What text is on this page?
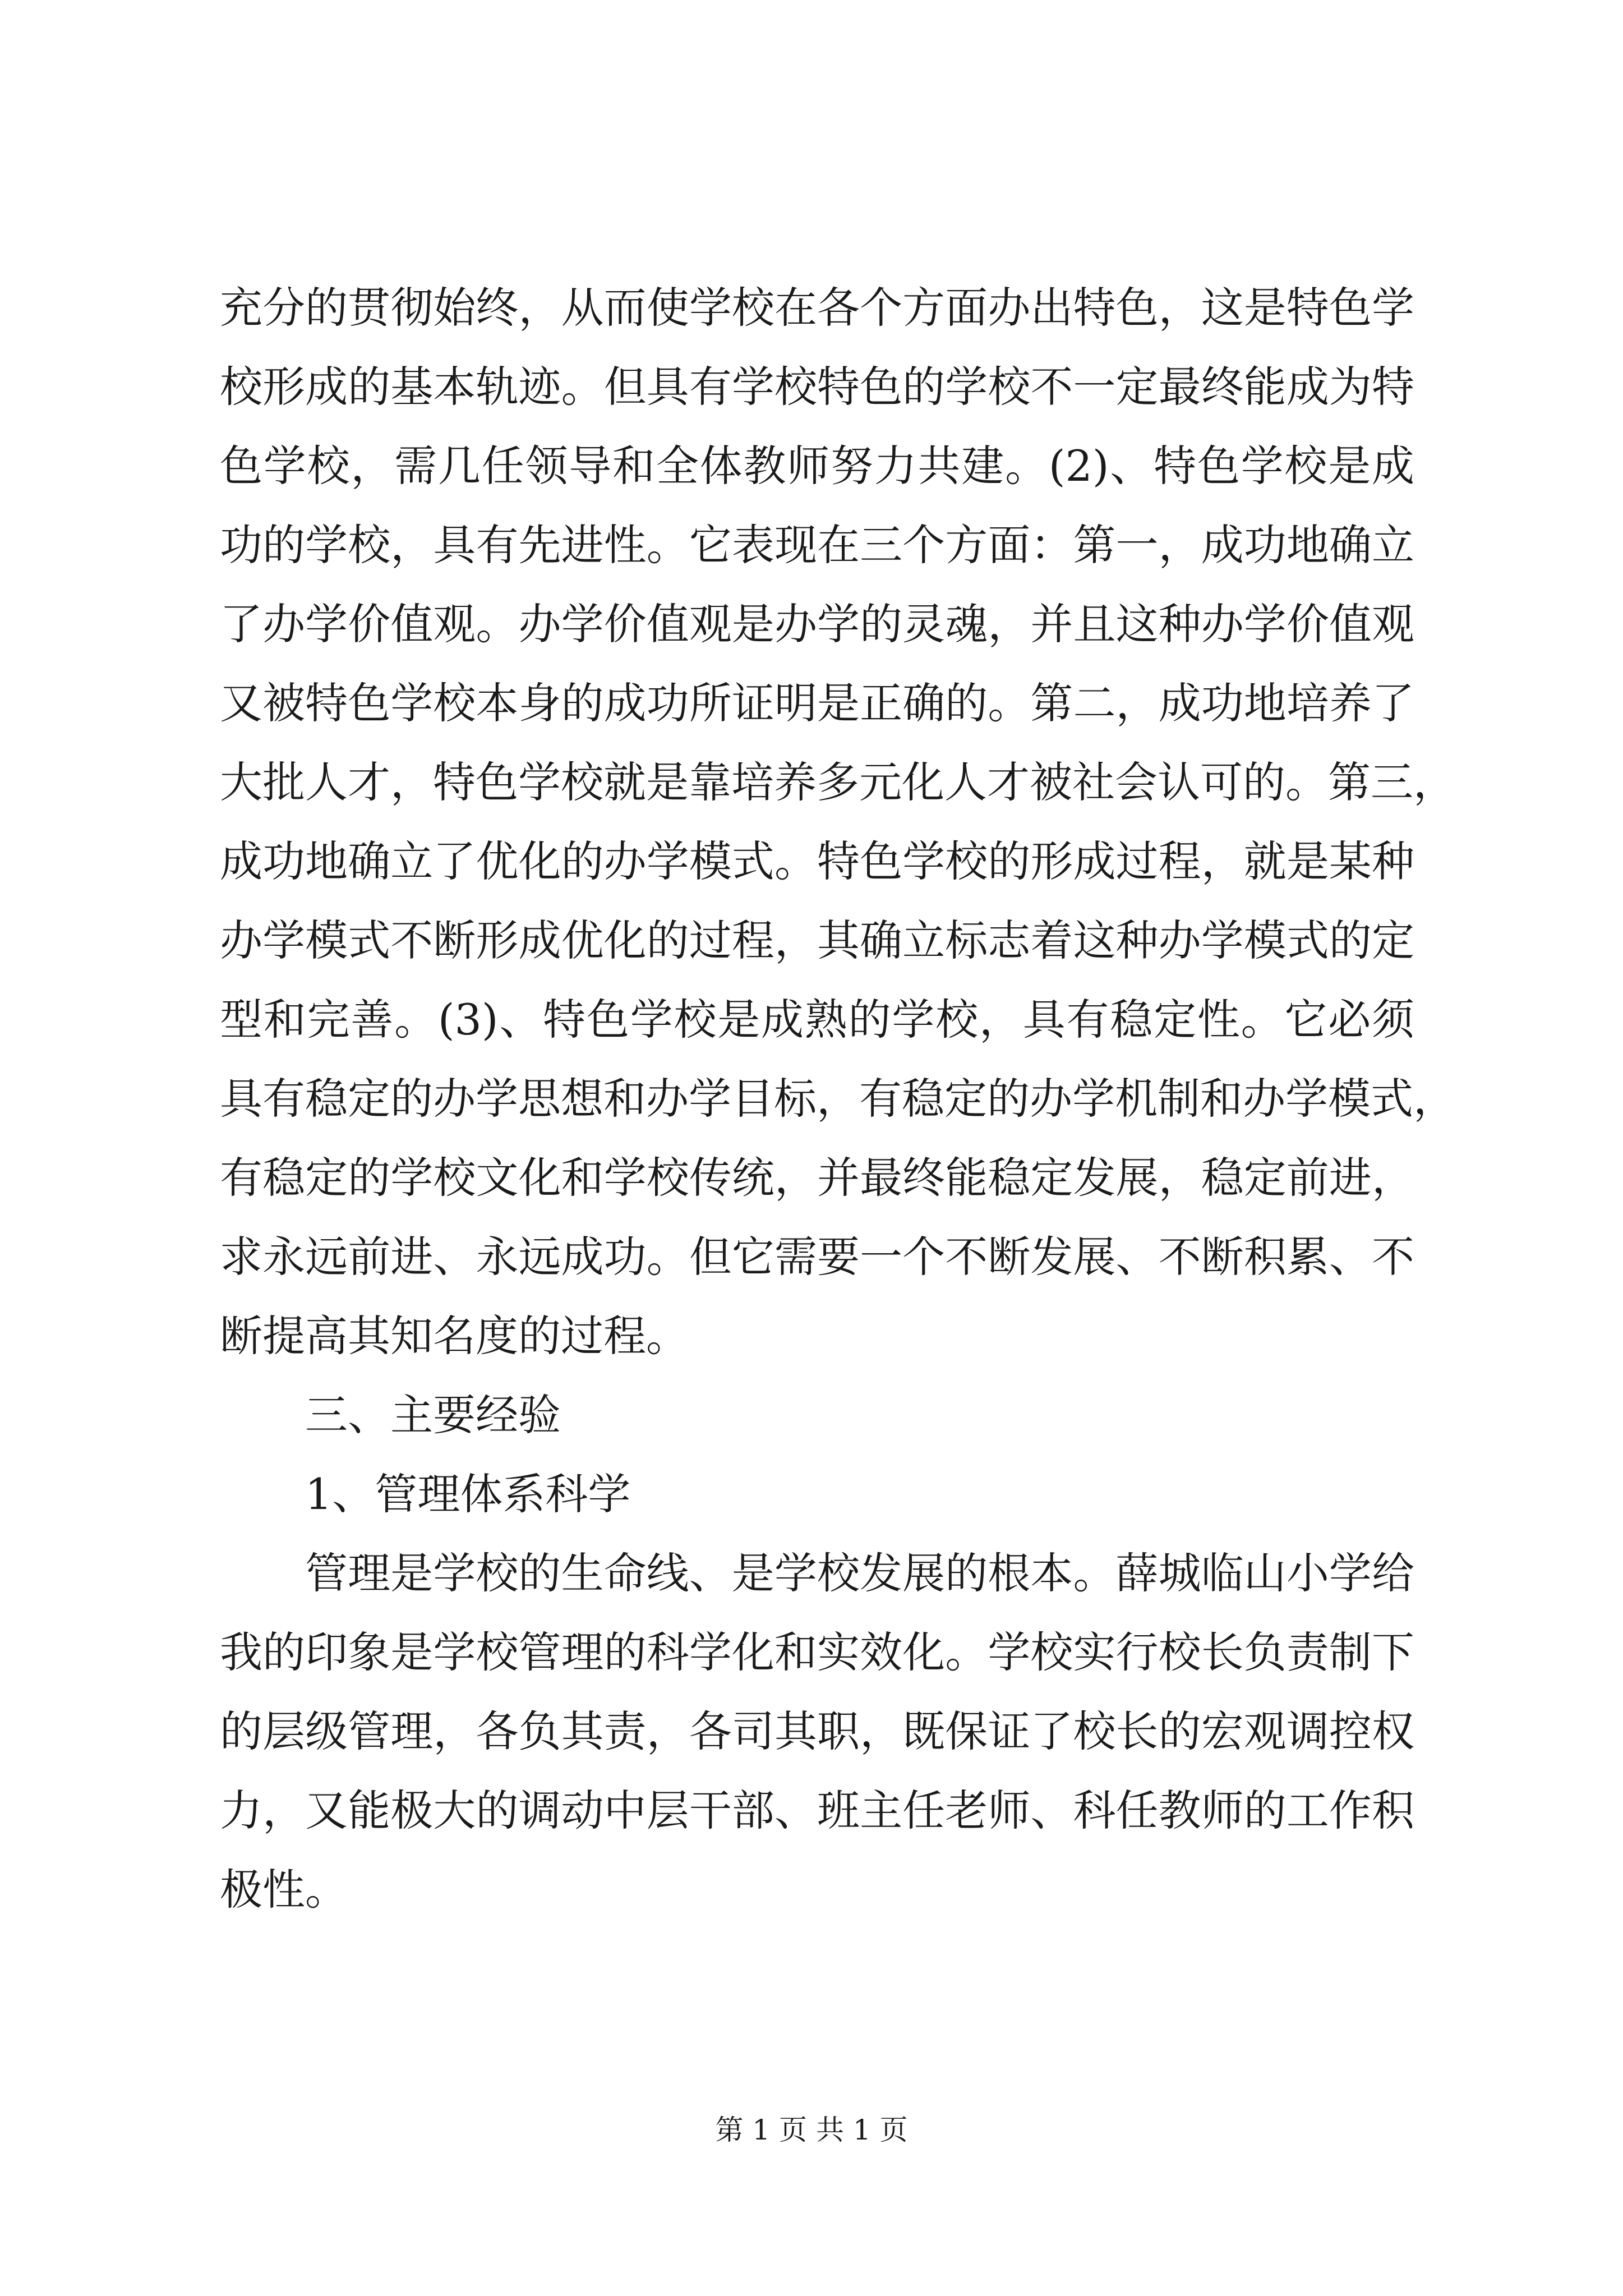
充分的贯彻始终，从而使学校在各个方面办出特色，这是特色学
校形成的基本轨迹。但具有学校特色的学校不一定最终能成为特
色学校，需几任领导和全体教师努力共建。(2)、特色学校是成
功的学校，具有先进性。它表现在三个方面：第一，成功地确立
了办学价值观。办学价值观是办学的灵魂，并且这种办学价值观
又被特色学校本身的成功所证明是正确的。第二，成功地培养了
大批人才，特色学校就是靠培养多元化人才被社会认可的。第三，
成功地确立了优化的办学模式。特色学校的形成过程，就是某种
办学模式不断形成优化的过程，其确立标志着这种办学模式的定
型和完善。(3)、特色学校是成熟的学校，具有稳定性。它必须
具有稳定的办学思想和办学目标，有稳定的办学机制和办学模式，
有稳定的学校文化和学校传统，并最终能稳定发展，稳定前进，
求永远前进、永远成功。但它需要一个不断发展、不断积累、不
断提高其知名度的过程。
三、主要经验
1、管理体系科学
管理是学校的生命线、是学校发展的根本。薛城临山小学给
我的印象是学校管理的科学化和实效化。学校实行校长负责制下
的层级管理，各负其责，各司其职，既保证了校长的宏观调控权
力，又能极大的调动中层干部、班主任老师、科任教师的工作积
极性。
第 1 页 共 1 页
